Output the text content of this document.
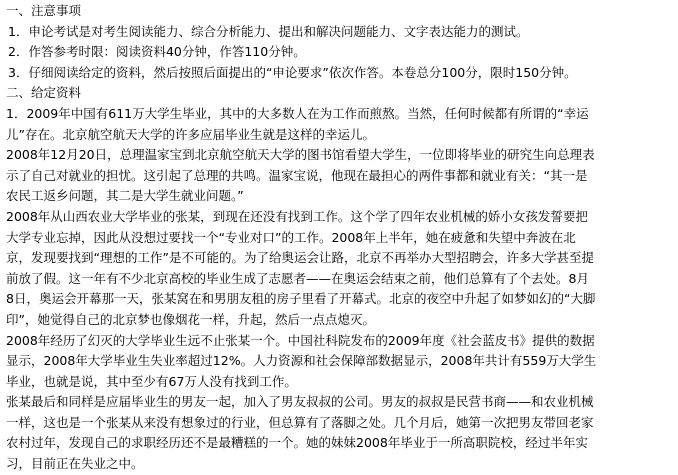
一、注意事项
1．申论考试是对考生阅读能力、综合分析能力、提出和解决问题能力、文字表达能力的测试。
2．作答参考时限：阅读资料40分钟，作答110分钟。
3．仔细阅读给定的资料，然后按照后面提出的“申论要求”依次作答。本卷总分100分，限时150分钟。
二、给定资料
1．2009年中国有611万大学生毕业，其中的大多数人在为工作而煎熬。当然，任何时候都有所谓的“幸运
儿”存在。北京航空航天大学的许多应届毕业生就是这样的幸运儿。
2008年12月20日，总理温家宝到北京航空航天大学的图书馆看望大学生，一位即将毕业的研究生向总理表
示了自己对就业的担忧。这引起了总理的共鸣。温家宝说，他现在最担心的两件事都和就业有关：“其一是
农民工返乡问题，其二是大学生就业问题。”
2008年从山西农业大学毕业的张某，到现在还没有找到工作。这个学了四年农业机械的娇小女孩发誓要把
大学专业忘掉，因此从没想过要找一个“专业对口”的工作。2008年上半年，她在疲惫和失望中奔波在北
京，发现要找到“理想的工作”是不可能的。为了给奥运会让路，北京不再举办大型招聘会，许多大学甚至提
前放了假。这一年有不少北京高校的毕业生成了志愿者——在奥运会结束之前，他们总算有了个去处。8月
8日，奥运会开幕那一天，张某窝在和男朋友租的房子里看了开幕式。北京的夜空中升起了如梦如幻的“大脚
印”，她觉得自己的北京梦也像烟花一样，升起，然后一点点熄灭。
2008年经历了幻灭的大学毕业生远不止张某一个。中国社科院发布的2009年度《社会蓝皮书》提供的数据
显示，2008年大学毕业生失业率超过12%。人力资源和社会保障部数据显示，2008年共计有559万大学生
毕业，也就是说，其中至少有67万人没有找到工作。
张某最后和同样是应届毕业生的男友一起，加入了男友叔叔的公司。男友的叔叔是民营书商——和农业机械
一样，这也是一个张某从来没有想象过的行业，但总算有了落脚之处。几个月后，她第一次把男友带回老家
农村过年，发现自己的求职经历还不是最糟糕的一个。她的妹妹2008年毕业于一所高职院校，经过半年实
习，目前正在失业之中。
